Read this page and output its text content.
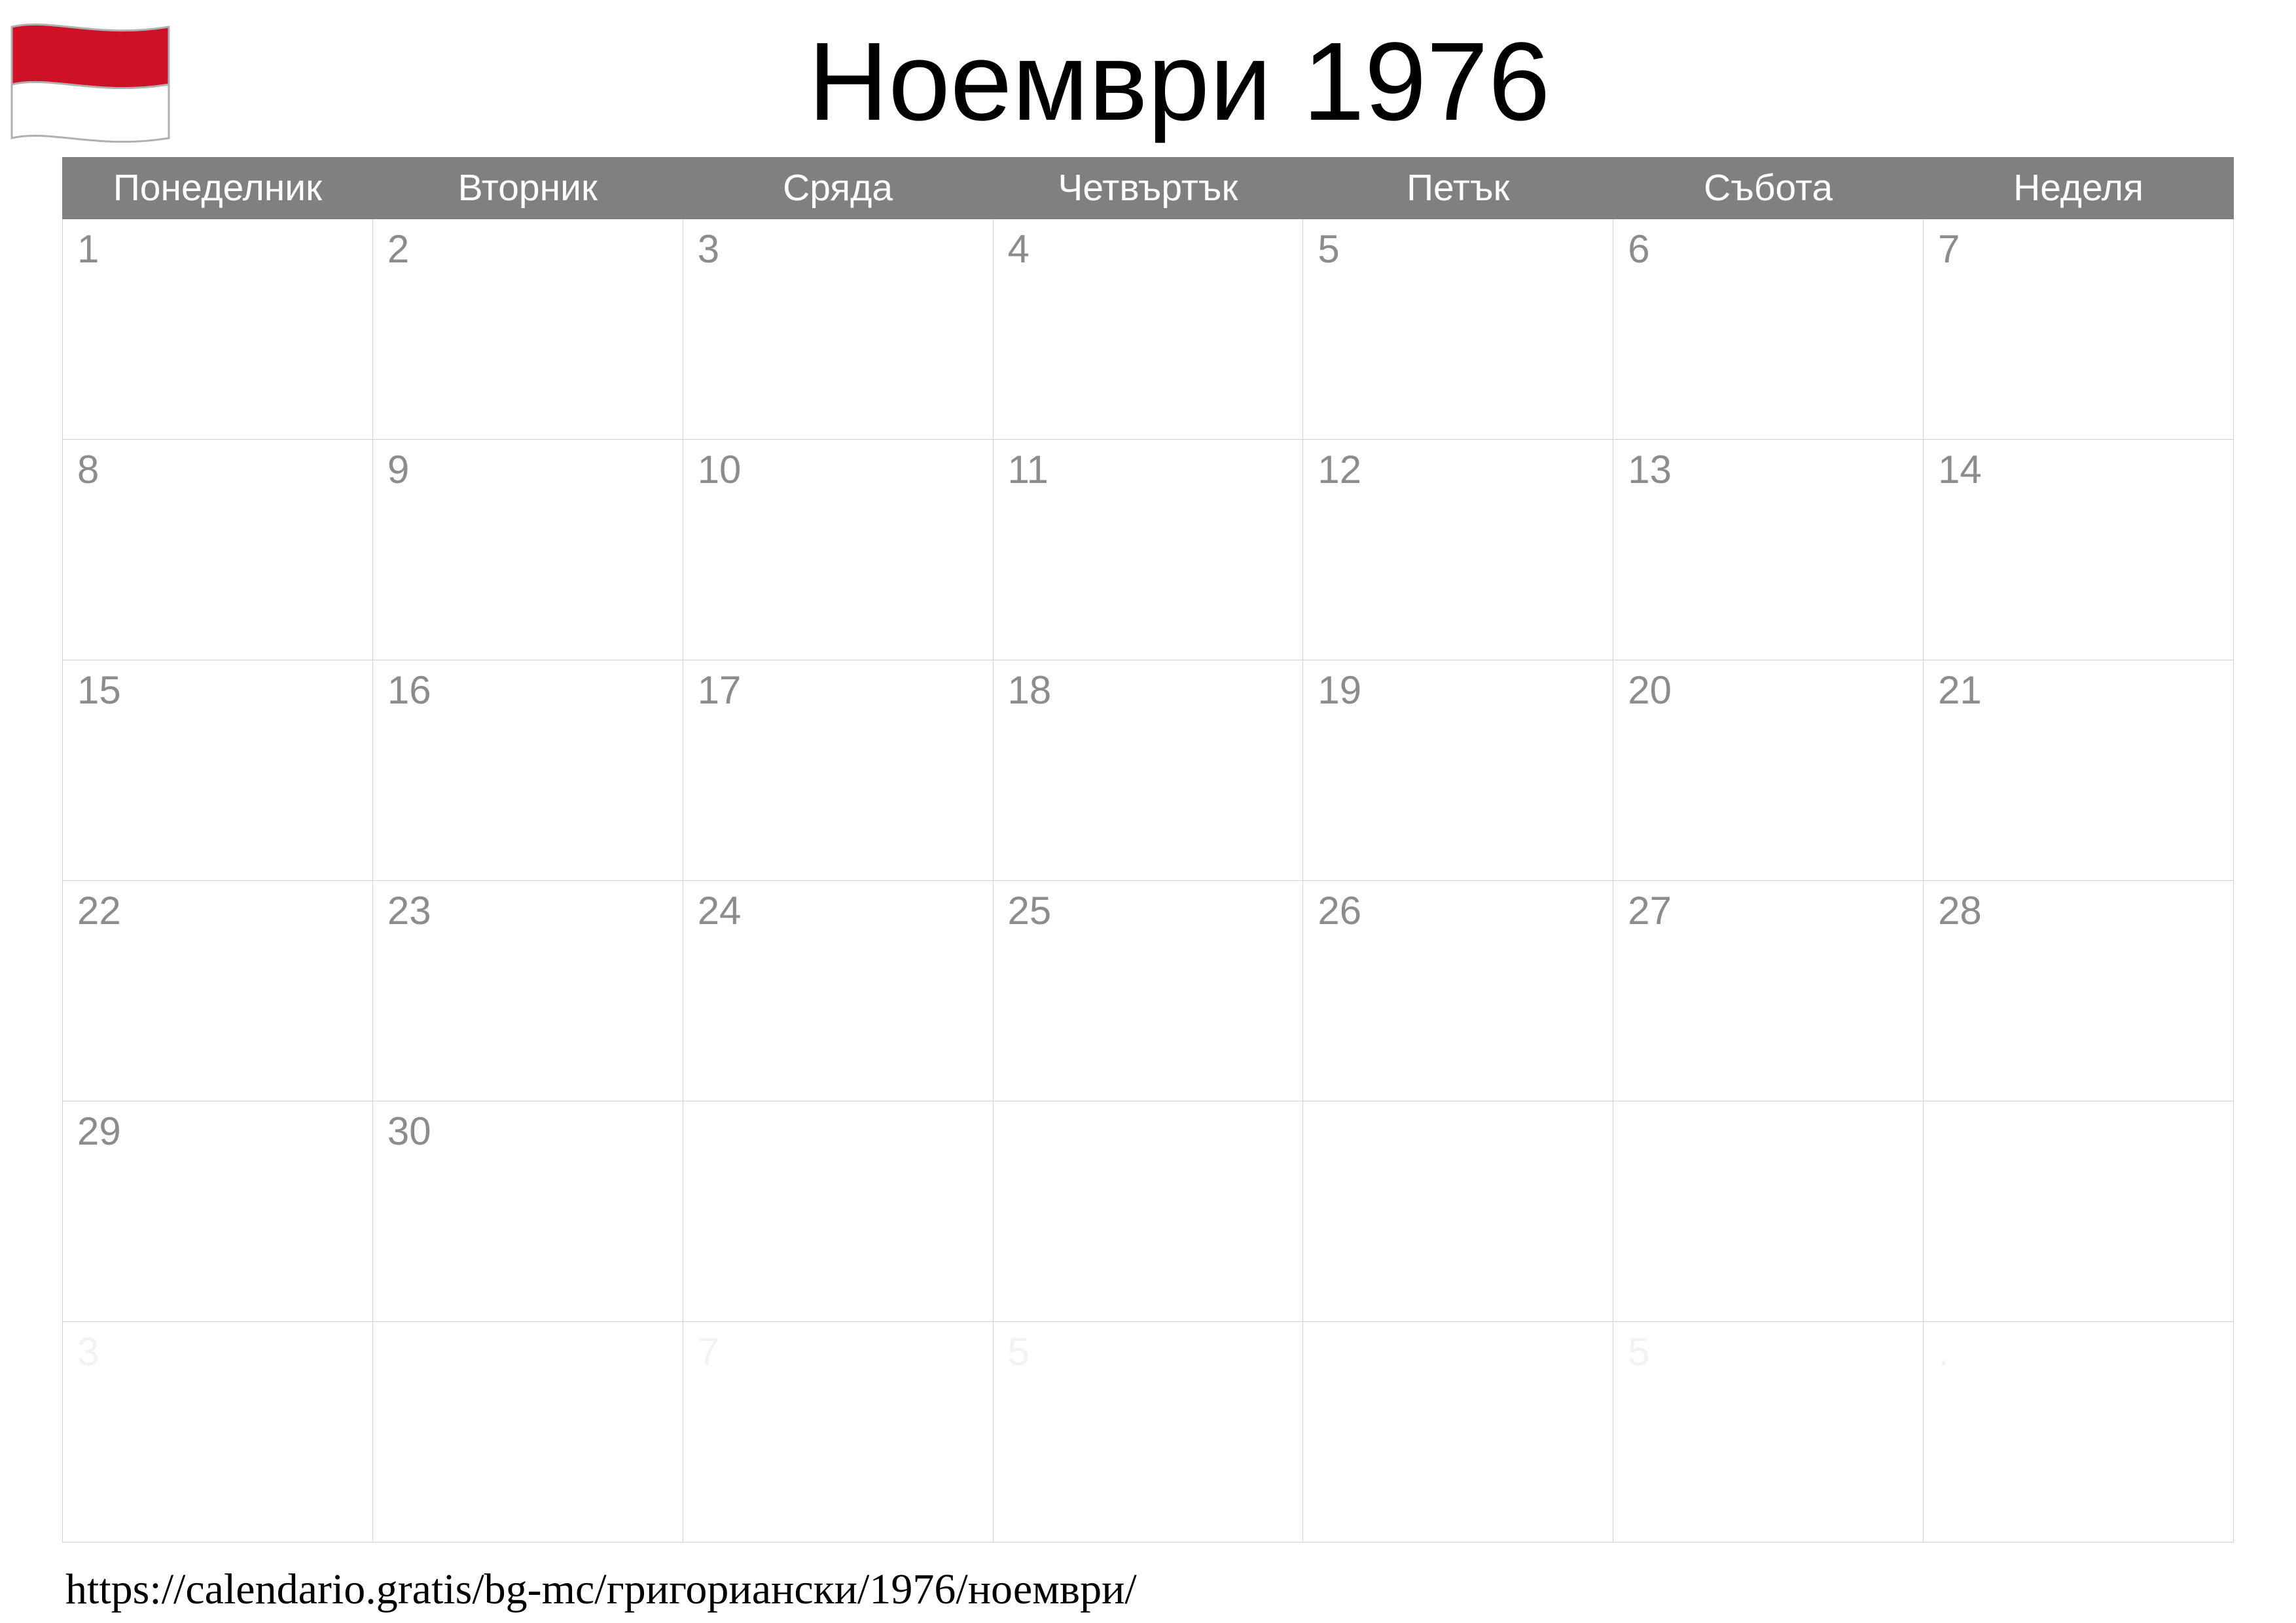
Ноември 1976
Понеделник	Вторник	Сряда	Четвъртък	Петък	Събота	Неделя
1	2	3	4	5	6	7
8	9	10	11	12	13	14
15	16	17	18	19	20	21
22	23	24	25	26	27	28
29	30					
3		7	5		5	.
https://calendario.gratis/bg-mc/григориански/1976/ноември/
